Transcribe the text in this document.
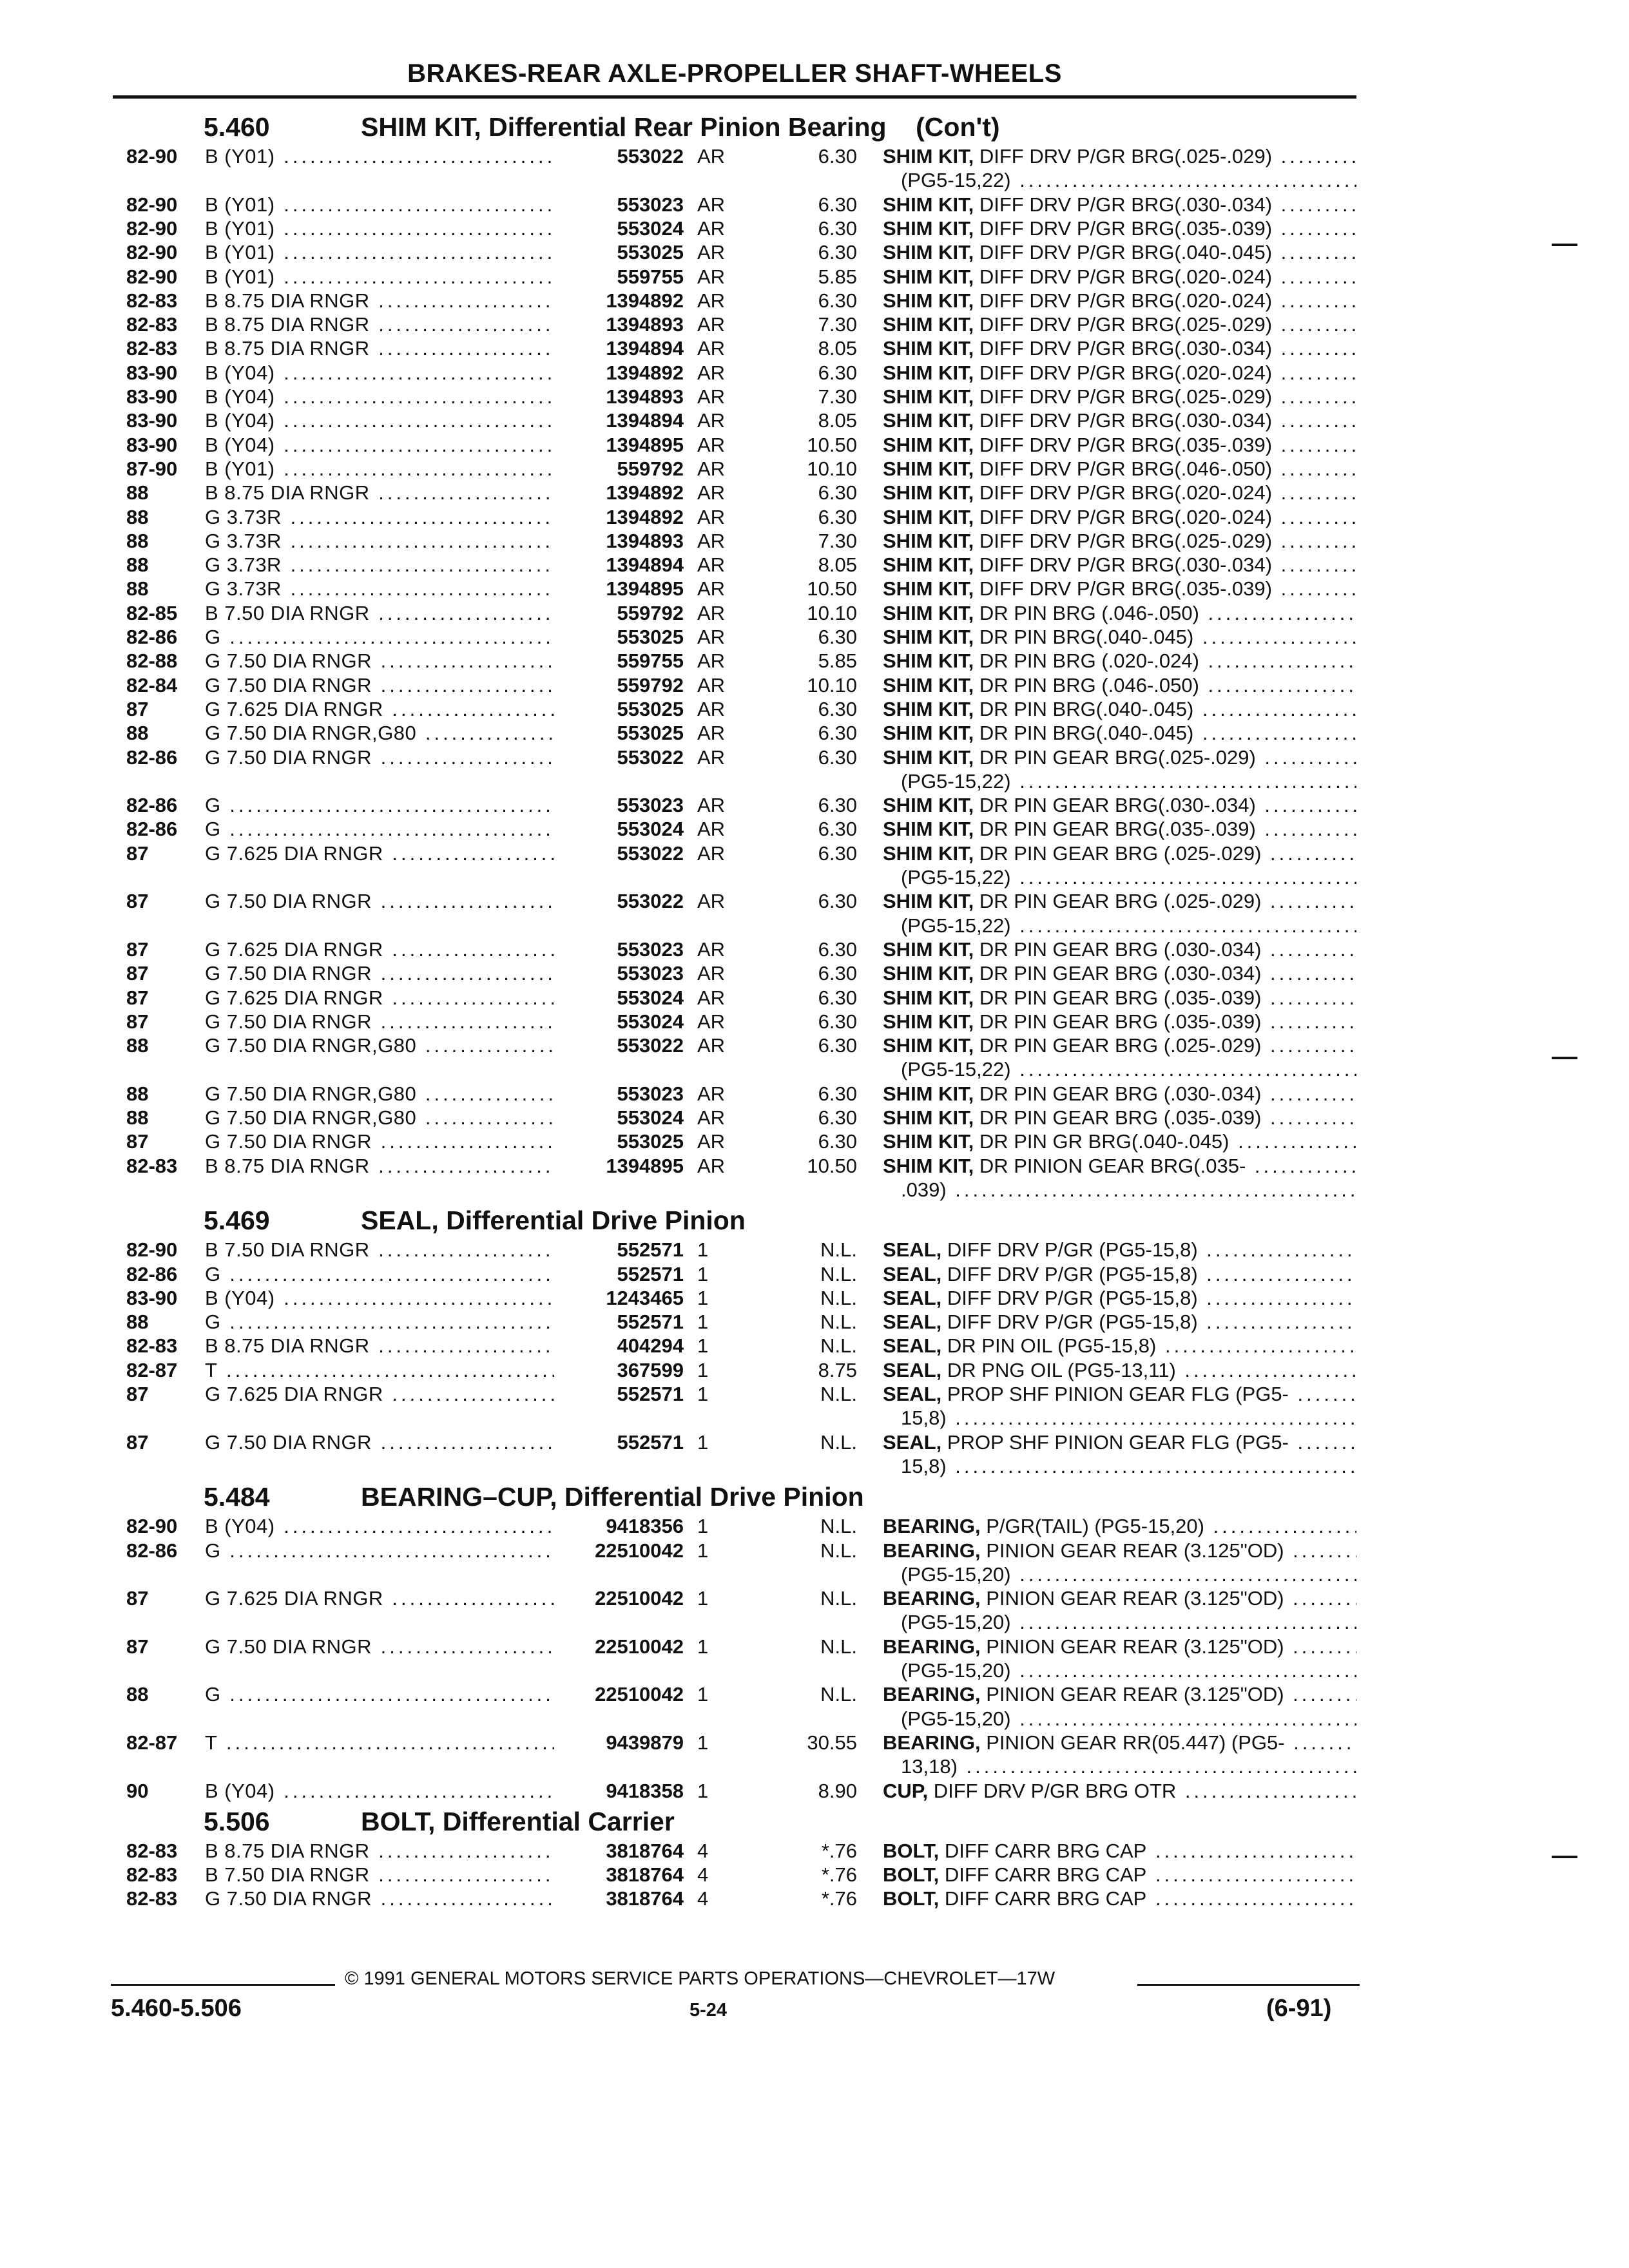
BRAKES-REAR AXLE-PROPELLER SHAFT-WHEELS
5.460	SHIM KIT, Differential Rear Pinion Bearing    (Con't)
82-90	B (Y01) .....	553022 AR	6.30 SHIM KIT, DIFF DRV P/GR BRG(.025-.029) .....
(PG5-15,22) .....
82-90	B (Y01) .....	553023 AR	6.30 SHIM KIT, DIFF DRV P/GR BRG(.030-.034) .....
82-90	B (Y01) .....	553024 AR	6.30 SHIM KIT, DIFF DRV P/GR BRG(.035-.039) .....
82-90	B (Y01) .....	553025 AR	6.30 SHIM KIT, DIFF DRV P/GR BRG(.040-.045) .....
82-90	B (Y01) .....	559755 AR	5.85 SHIM KIT, DIFF DRV P/GR BRG(.020-.024) .....
82-83	B 8.75 DIA RNGR .....	1394892 AR	6.30 SHIM KIT, DIFF DRV P/GR BRG(.020-.024) .....
82-83	B 8.75 DIA RNGR .....	1394893 AR	7.30 SHIM KIT, DIFF DRV P/GR BRG(.025-.029) .....
82-83	B 8.75 DIA RNGR .....	1394894 AR	8.05 SHIM KIT, DIFF DRV P/GR BRG(.030-.034) .....
83-90	B (Y04) .....	1394892 AR	6.30 SHIM KIT, DIFF DRV P/GR BRG(.020-.024) .....
83-90	B (Y04) .....	1394893 AR	7.30 SHIM KIT, DIFF DRV P/GR BRG(.025-.029) .....
83-90	B (Y04) .....	1394894 AR	8.05 SHIM KIT, DIFF DRV P/GR BRG(.030-.034) .....
83-90	B (Y04) .....	1394895 AR	10.50 SHIM KIT, DIFF DRV P/GR BRG(.035-.039) .....
87-90	B (Y01) .....	559792 AR	10.10 SHIM KIT, DIFF DRV P/GR BRG(.046-.050) .....
88	B 8.75 DIA RNGR .....	1394892 AR	6.30 SHIM KIT, DIFF DRV P/GR BRG(.020-.024) .....
88	G 3.73R .....	1394892 AR	6.30 SHIM KIT, DIFF DRV P/GR BRG(.020-.024) .....
88	G 3.73R .....	1394893 AR	7.30 SHIM KIT, DIFF DRV P/GR BRG(.025-.029) .....
88	G 3.73R .....	1394894 AR	8.05 SHIM KIT, DIFF DRV P/GR BRG(.030-.034) .....
88	G 3.73R .....	1394895 AR	10.50 SHIM KIT, DIFF DRV P/GR BRG(.035-.039) .....
82-85	B 7.50 DIA RNGR .....	559792 AR	10.10 SHIM KIT, DR PIN BRG (.046-.050) .....
82-86	G .....	553025 AR	6.30 SHIM KIT, DR PIN BRG(.040-.045) .....
82-88	G 7.50 DIA RNGR .....	559755 AR	5.85 SHIM KIT, DR PIN BRG (.020-.024) .....
82-84	G 7.50 DIA RNGR .....	559792 AR	10.10 SHIM KIT, DR PIN BRG (.046-.050) .....
87	G 7.625 DIA RNGR .....	553025 AR	6.30 SHIM KIT, DR PIN BRG(.040-.045) .....
88	G 7.50 DIA RNGR,G80 .....	553025 AR	6.30 SHIM KIT, DR PIN BRG(.040-.045) .....
82-86	G 7.50 DIA RNGR .....	553022 AR	6.30 SHIM KIT, DR PIN GEAR BRG(.025-.029) .....
(PG5-15,22) .....
82-86	G .....	553023 AR	6.30 SHIM KIT, DR PIN GEAR BRG(.030-.034) .....
82-86	G .....	553024 AR	6.30 SHIM KIT, DR PIN GEAR BRG(.035-.039) .....
87	G 7.625 DIA RNGR .....	553022 AR	6.30 SHIM KIT, DR PIN GEAR BRG (.025-.029) .....
(PG5-15,22) .....
87	G 7.50 DIA RNGR .....	553022 AR	6.30 SHIM KIT, DR PIN GEAR BRG (.025-.029) .....
(PG5-15,22) .....
87	G 7.625 DIA RNGR .....	553023 AR	6.30 SHIM KIT, DR PIN GEAR BRG (.030-.034) .....
87	G 7.50 DIA RNGR .....	553023 AR	6.30 SHIM KIT, DR PIN GEAR BRG (.030-.034) .....
87	G 7.625 DIA RNGR .....	553024 AR	6.30 SHIM KIT, DR PIN GEAR BRG (.035-.039) .....
87	G 7.50 DIA RNGR .....	553024 AR	6.30 SHIM KIT, DR PIN GEAR BRG (.035-.039) .....
88	G 7.50 DIA RNGR,G80 .....	553022 AR	6.30 SHIM KIT, DR PIN GEAR BRG (.025-.029) .....
(PG5-15,22) .....
88	G 7.50 DIA RNGR,G80 .....	553023 AR	6.30 SHIM KIT, DR PIN GEAR BRG (.030-.034) .....
88	G 7.50 DIA RNGR,G80 .....	553024 AR	6.30 SHIM KIT, DR PIN GEAR BRG (.035-.039) .....
87	G 7.50 DIA RNGR .....	553025 AR	6.30 SHIM KIT, DR PIN GR BRG(.040-.045) .....
82-83	B 8.75 DIA RNGR .....	1394895 AR	10.50 SHIM KIT, DR PINION GEAR BRG(.035- .....
.039) .....
5.469	SEAL, Differential Drive Pinion
82-90	B 7.50 DIA RNGR .....	552571 1	N.L. SEAL, DIFF DRV P/GR (PG5-15,8) .....
82-86	G .....	552571 1	N.L. SEAL, DIFF DRV P/GR (PG5-15,8) .....
83-90	B (Y04) .....	1243465 1	N.L. SEAL, DIFF DRV P/GR (PG5-15,8) .....
88	G .....	552571 1	N.L. SEAL, DIFF DRV P/GR (PG5-15,8) .....
82-83	B 8.75 DIA RNGR .....	404294 1	N.L. SEAL, DR PIN OIL (PG5-15,8) .....
82-87	T .....	367599 1	8.75 SEAL, DR PNG OIL (PG5-13,11) .....
87	G 7.625 DIA RNGR .....	552571 1	N.L. SEAL, PROP SHF PINION GEAR FLG (PG5- .....
15,8) .....
87	G 7.50 DIA RNGR .....	552571 1	N.L. SEAL, PROP SHF PINION GEAR FLG (PG5- .....
15,8) .....
5.484	BEARING–CUP, Differential Drive Pinion
82-90	B (Y04) .....	9418356 1	N.L. BEARING, P/GR(TAIL) (PG5-15,20) .....
82-86	G .....	22510042 1	N.L. BEARING, PINION GEAR REAR (3.125"OD) .....
(PG5-15,20) .....
87	G 7.625 DIA RNGR .....	22510042 1	N.L. BEARING, PINION GEAR REAR (3.125"OD) .....
(PG5-15,20) .....
87	G 7.50 DIA RNGR .....	22510042 1	N.L. BEARING, PINION GEAR REAR (3.125"OD) .....
(PG5-15,20) .....
88	G .....	22510042 1	N.L. BEARING, PINION GEAR REAR (3.125"OD) .....
(PG5-15,20) .....
82-87	T .....	9439879 1	30.55 BEARING, PINION GEAR RR(05.447) (PG5- .....
13,18) .....
90	B (Y04) .....	9418358 1	8.90 CUP, DIFF DRV P/GR BRG OTR .....
5.506	BOLT, Differential Carrier
82-83	B 8.75 DIA RNGR .....	3818764 4	*.76 BOLT, DIFF CARR BRG CAP .....
82-83	B 7.50 DIA RNGR .....	3818764 4	*.76 BOLT, DIFF CARR BRG CAP .....
82-83	G 7.50 DIA RNGR .....	3818764 4	*.76 BOLT, DIFF CARR BRG CAP .....
© 1991 GENERAL MOTORS SERVICE PARTS OPERATIONS—CHEVROLET—17W
5.460-5.506	5-24	(6-91)
